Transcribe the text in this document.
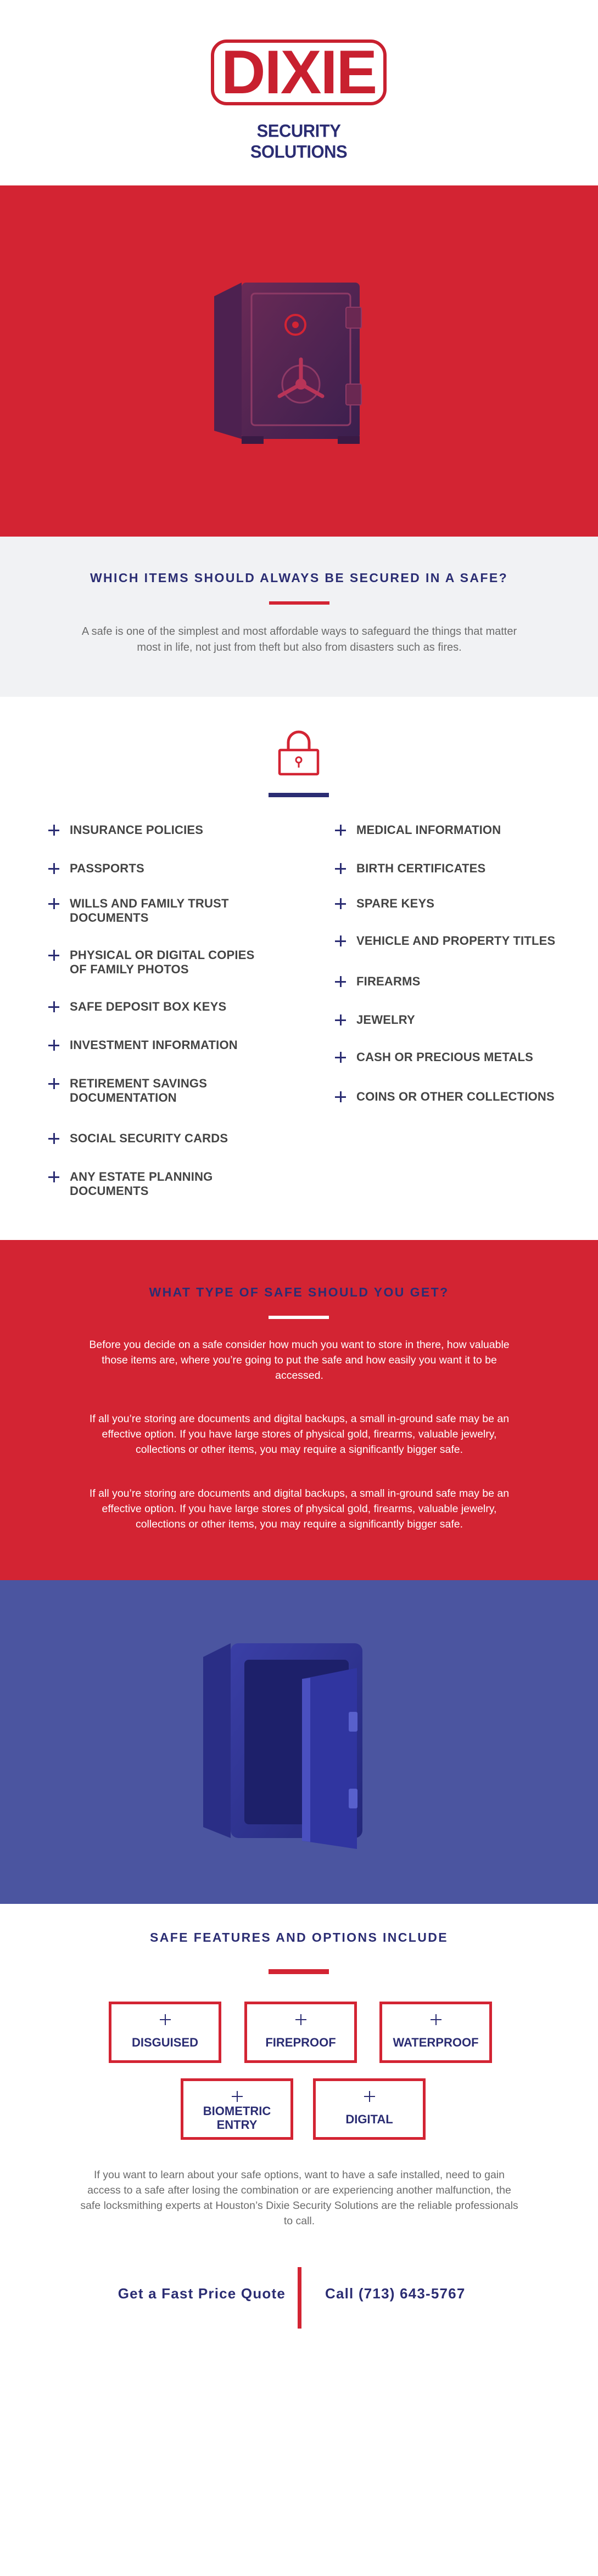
DIXIE
SECURITY SOLUTIONS
WHICH ITEMS SHOULD ALWAYS BE SECURED IN A SAFE?
A safe is one of the simplest and most affordable ways to safeguard the things that matter most in life, not just from theft but also from disasters such as fires.
INSURANCE POLICIES
PASSPORTS
WILLS AND FAMILY TRUST DOCUMENTS
PHYSICAL OR DIGITAL COPIES OF FAMILY PHOTOS
SAFE DEPOSIT BOX KEYS
INVESTMENT INFORMATION
RETIREMENT SAVINGS DOCUMENTATION
SOCIAL SECURITY CARDS
ANY ESTATE PLANNING DOCUMENTS
MEDICAL INFORMATION
BIRTH CERTIFICATES
SPARE KEYS
VEHICLE AND PROPERTY TITLES
FIREARMS
JEWELRY
CASH OR PRECIOUS METALS
COINS OR OTHER COLLECTIONS
WHAT TYPE OF SAFE SHOULD YOU GET?
Before you decide on a safe consider how much you want to store in there, how valuable those items are, where you’re going to put the safe and how easily you want it to be accessed.
If all you’re storing are documents and digital backups, a small in-ground safe may be an effective option. If you have large stores of physical gold, firearms, valuable jewelry, collections or other items, you may require a significantly bigger safe.
If all you’re storing are documents and digital backups, a small in-ground safe may be an effective option. If you have large stores of physical gold, firearms, valuable jewelry, collections or other items, you may require a significantly bigger safe.
SAFE FEATURES AND OPTIONS INCLUDE
DISGUISED	FIREPROOF	WATERPROOF
BIOMETRIC ENTRY	DIGITAL
If you want to learn about your safe options, want to have a safe installed, need to gain access to a safe after losing the combination or are experiencing another malfunction, the safe locksmithing experts at Houston’s Dixie Security Solutions are the reliable professionals to call.
Get a Fast Price Quote	Call (713) 643-5767
